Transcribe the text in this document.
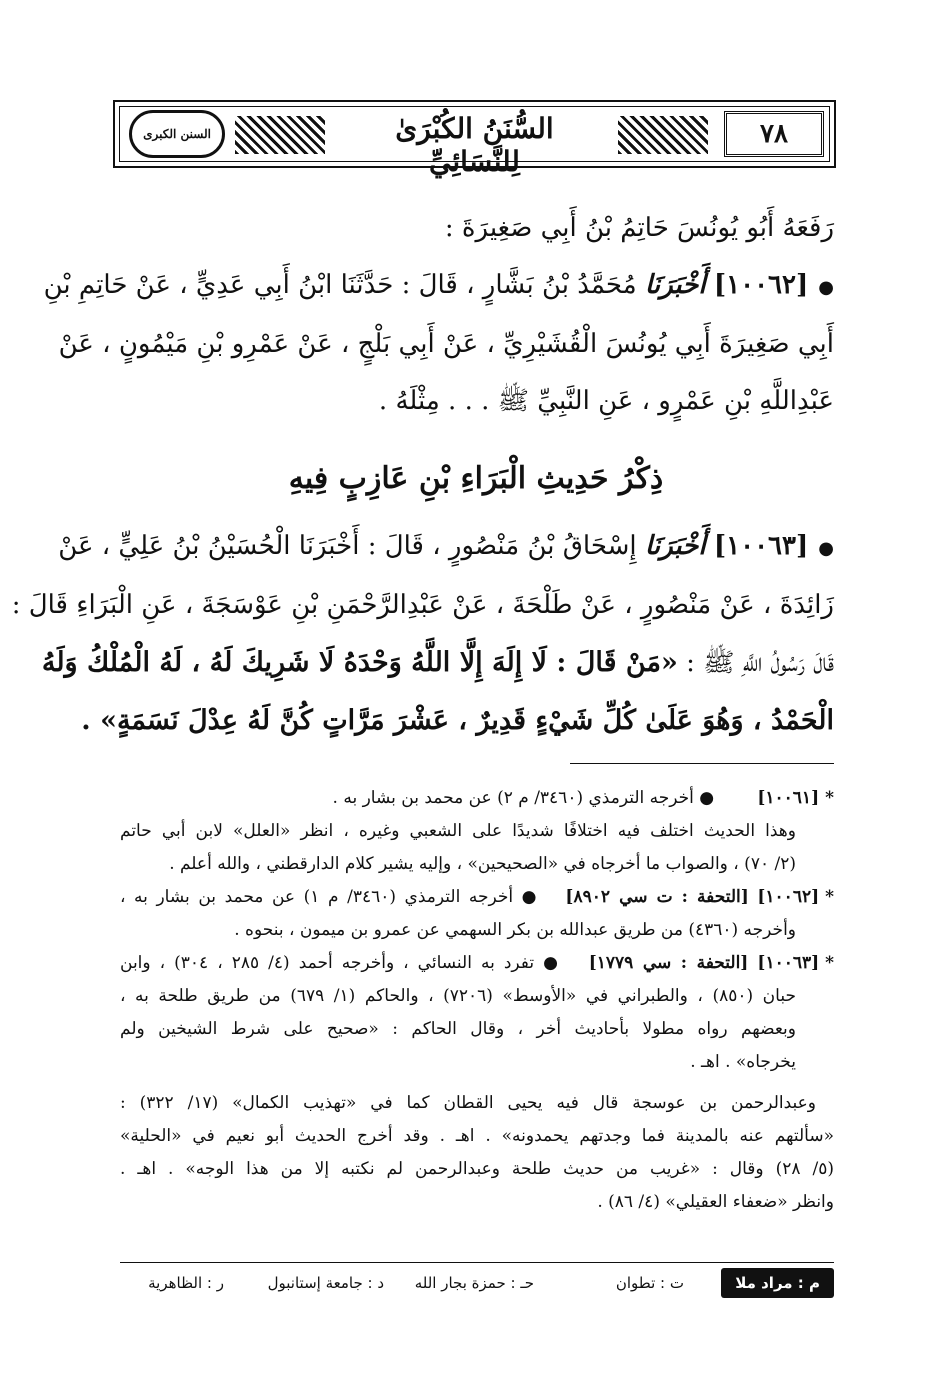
٧٨
السُّنَنُ الكُبْرَىٰ لِلنَّسَائِيِّ
السنن الكبرى
رَفَعَهُ أَبُو يُونُسَ حَاتِمُ بْنُ أَبِي صَغِيرَةَ :
●[١٠٠٦٢] أَخْبَرَنَا مُحَمَّدُ بْنُ بَشَّارٍ ، قَالَ : حَدَّثَنَا ابْنُ أَبِي عَدِيٍّ ، عَنْ حَاتِمِ بْنِ
أَبِي صَغِيرَةَ أَبِي يُونُسَ الْقُشَيْرِيِّ ، عَنْ أَبِي بَلْجٍ ، عَنْ عَمْرِو بْنِ مَيْمُونٍ ، عَنْ
عَبْدِاللَّهِ بْنِ عَمْرٍو ، عَنِ النَّبِيِّ ﷺ . . . مِثْلَهُ .
ذِكْرُ حَدِيثِ الْبَرَاءِ بْنِ عَازِبٍ فِيهِ
●[١٠٠٦٣] أَخْبَرَنَا إِسْحَاقُ بْنُ مَنْصُورٍ ، قَالَ : أَخْبَرَنَا الْحُسَيْنُ بْنُ عَلِيٍّ ، عَنْ
زَائِدَةَ ، عَنْ مَنْصُورٍ ، عَنْ طَلْحَةَ ، عَنْ عَبْدِالرَّحْمَنِ بْنِ عَوْسَجَةَ ، عَنِ الْبَرَاءِ قَالَ :
قَالَ رَسُولُ اللَّهِ ﷺ : «مَنْ قَالَ : لَا إِلَهَ إِلَّا اللَّهُ وَحْدَهُ لَا شَرِيكَ لَهُ ، لَهُ الْمُلْكُ وَلَهُ
الْحَمْدُ ، وَهُوَ عَلَىٰ كُلِّ شَيْءٍ قَدِيرٌ ، عَشْرَ مَرَّاتٍ كُنَّ لَهُ عِدْلَ نَسَمَةٍ» .
*[١٠٠٦١]        ● أخرجه الترمذي (٣٤٦٠/ م ٢) عن محمد بن بشار به .
وهذا الحديث اختلف فيه اختلافًا شديدًا على الشعبي وغيره ، انظر «العلل» لابن أبي حاتم
(٢/ ٧٠) ، والصواب ما أخرجاه في «الصحيحين» ، وإليه يشير كلام الدارقطني ، والله أعلم .
*[١٠٠٦٢] [التحفة : ت سي ٨٩٠٢]   ● أخرجه الترمذي (٣٤٦٠/ م ١) عن محمد بن بشار به ،
وأخرجه (٤٣٦٠) من طريق عبدالله بن بكر السهمي عن عمرو بن ميمون ، بنحوه .
*[١٠٠٦٣] [التحفة : سي ١٧٧٩]   ● تفرد به النسائي ، وأخرجه أحمد (٤/ ٢٨٥ ، ٣٠٤) ، وابن
حبان (٨٥٠) ، والطبراني في «الأوسط» (٧٢٠٦) ، والحاكم (١/ ٦٧٩) من طريق طلحة به ،
وبعضهم رواه مطولا بأحاديث أخر ، وقال الحاكم : «صحيح على شرط الشيخين ولم
يخرجاه» . اهـ .
وعبدالرحمن بن عوسجة قال فيه يحيى القطان كما في «تهذيب الكمال» (١٧/ ٣٢٢) :
«سألتهم عنه بالمدينة فما وجدتهم يحمدونه» . اهـ . وقد أخرج الحديث أبو نعيم في «الحلية»
(٥/ ٢٨) وقال : «غريب من حديث طلحة وعبدالرحمن لم نكتبه إلا من هذا الوجه» . اهـ .
وانظر «ضعفاء العقيلي» (٤/ ٨٦) .
م : مراد ملا
ت : تطوان
حـ : حمزة بجار الله
د : جامعة إستانبول
ر : الظاهرية
